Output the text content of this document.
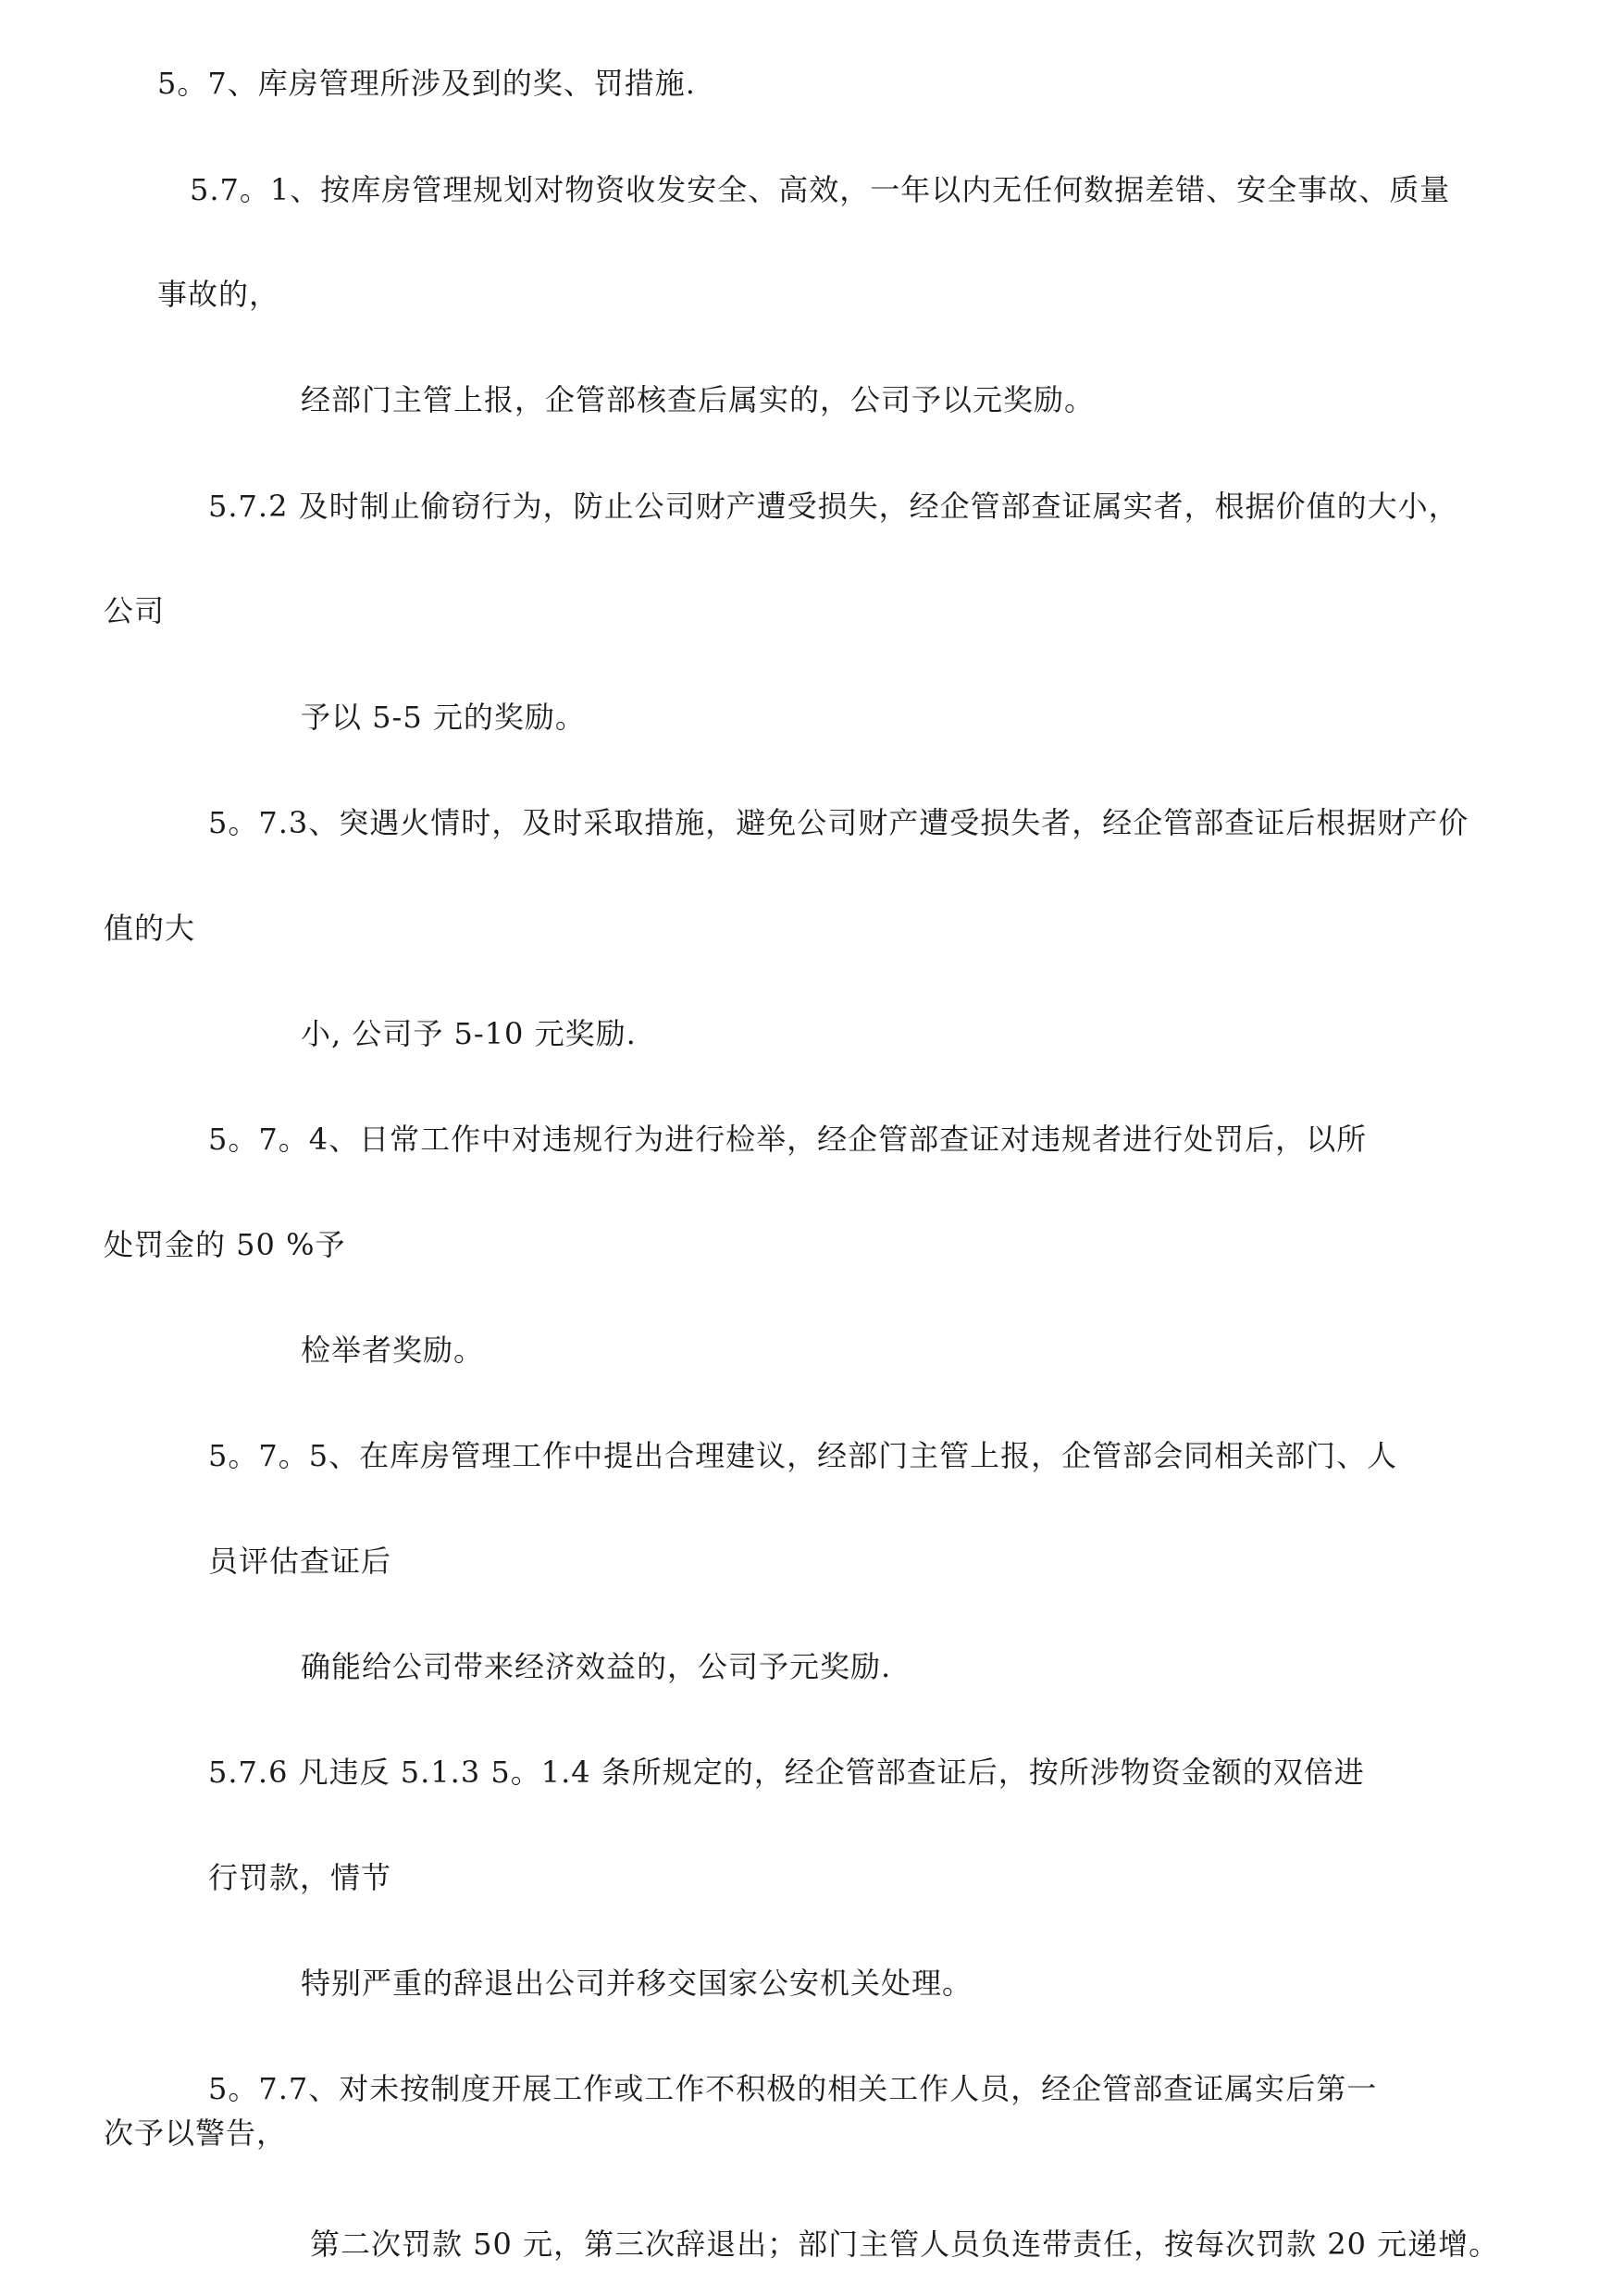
5。7、库房管理所涉及到的奖、罚措施.
5.7。1、按库房管理规划对物资收发安全、高效，一年以内无任何数据差错、安全事故、质量
事故的，
经部门主管上报，企管部核查后属实的，公司予以元奖励。
5.7.2 及时制止偷窃行为，防止公司财产遭受损失，经企管部查证属实者，根据价值的大小，
公司
予以 5-5 元的奖励。
5。7.3、突遇火情时，及时采取措施，避免公司财产遭受损失者，经企管部查证后根据财产价
值的大
小, 公司予 5-10 元奖励.
5。7。4、日常工作中对违规行为进行检举，经企管部查证对违规者进行处罚后，以所
处罚金的 50 %予
检举者奖励。
5。7。5、在库房管理工作中提出合理建议，经部门主管上报，企管部会同相关部门、人
员评估查证后
确能给公司带来经济效益的，公司予元奖励.
5.7.6 凡违反 5.1.3 5。1.4 条所规定的，经企管部查证后，按所涉物资金额的双倍进
行罚款，情节
特别严重的辞退出公司并移交国家公安机关处理。
5。7.7、对未按制度开展工作或工作不积极的相关工作人员，经企管部查证属实后第一
次予以警告，
第二次罚款 50 元，第三次辞退出；部门主管人员负连带责任，按每次罚款 20 元递增。
